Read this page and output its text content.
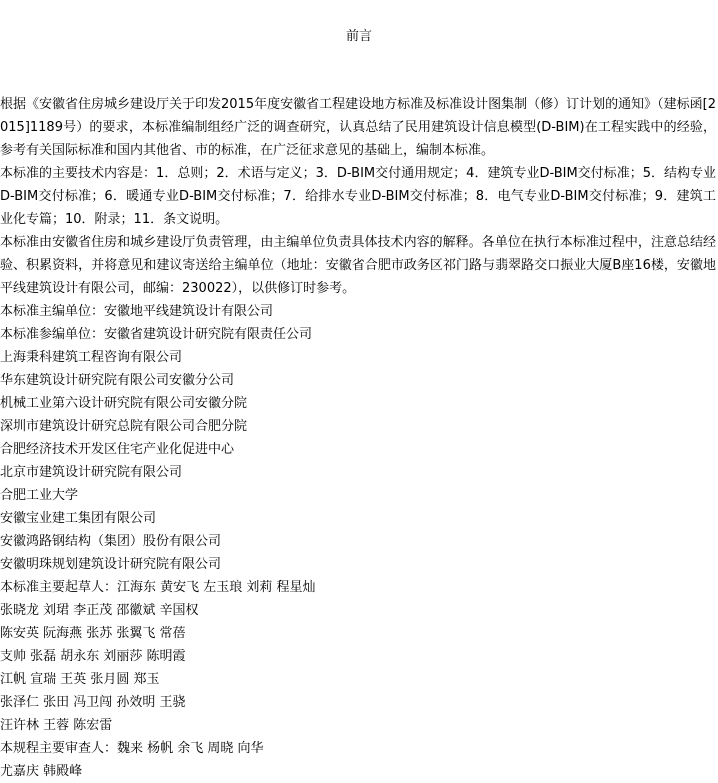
前言

根据《安徽省住房城乡建设厅关于印发2015年度安徽省工程建设地方标准及标准设计图集制（修）订计划的通知》（建标函[2015]1189号）的要求，本标准编制组经广泛的调查研究，认真总结了民用建筑设计信息模型(D-BIM)在工程实践中的经验，参考有关国际标准和国内其他省、市的标准，在广泛征求意见的基础上，编制本标准。

本标准的主要技术内容是：1．总则；2．术语与定义；3．D-BIM交付通用规定；4．建筑专业D-BIM交付标准；5．结构专业D-BIM交付标准；6．暖通专业D-BIM交付标准；7．给排水专业D-BIM交付标准；8．电气专业D-BIM交付标准；9．建筑工业化专篇；10．附录；11．条文说明。

本标准由安徽省住房和城乡建设厅负责管理，由主编单位负责具体技术内容的解释。各单位在执行本标准过程中，注意总结经验、积累资料，并将意见和建议寄送给主编单位（地址：安徽省合肥市政务区祁门路与翡翠路交口振业大厦B座16楼，安徽地平线建筑设计有限公司，邮编：230022），以供修订时参考。

本标准主编单位：安徽地平线建筑设计有限公司
本标准参编单位：安徽省建筑设计研究院有限责任公司
上海秉科建筑工程咨询有限公司
华东建筑设计研究院有限公司安徽分公司
机械工业第六设计研究院有限公司安徽分院
深圳市建筑设计研究总院有限公司合肥分院
合肥经济技术开发区住宅产业化促进中心
北京市建筑设计研究院有限公司
合肥工业大学
安徽宝业建工集团有限公司
安徽鸿路钢结构（集团）股份有限公司
安徽明珠规划建筑设计研究院有限公司
本标准主要起草人：江海东 黄安飞 左玉琅 刘莉 程星灿
张晓龙 刘珺 李正茂 邵徽斌 辛国权
陈安英 阮海燕 张苏 张翼飞 常蓓
支帅 张磊 胡永东 刘丽莎 陈明霞
江帆 宣瑞 王英 张月圆 郑玉
张泽仁 张田 冯卫闯 孙效明 王骁
汪许林 王蓉 陈宏雷
本规程主要审查人：魏来 杨帆 余飞 周晓 向华
尤嘉庆 韩殿峰
